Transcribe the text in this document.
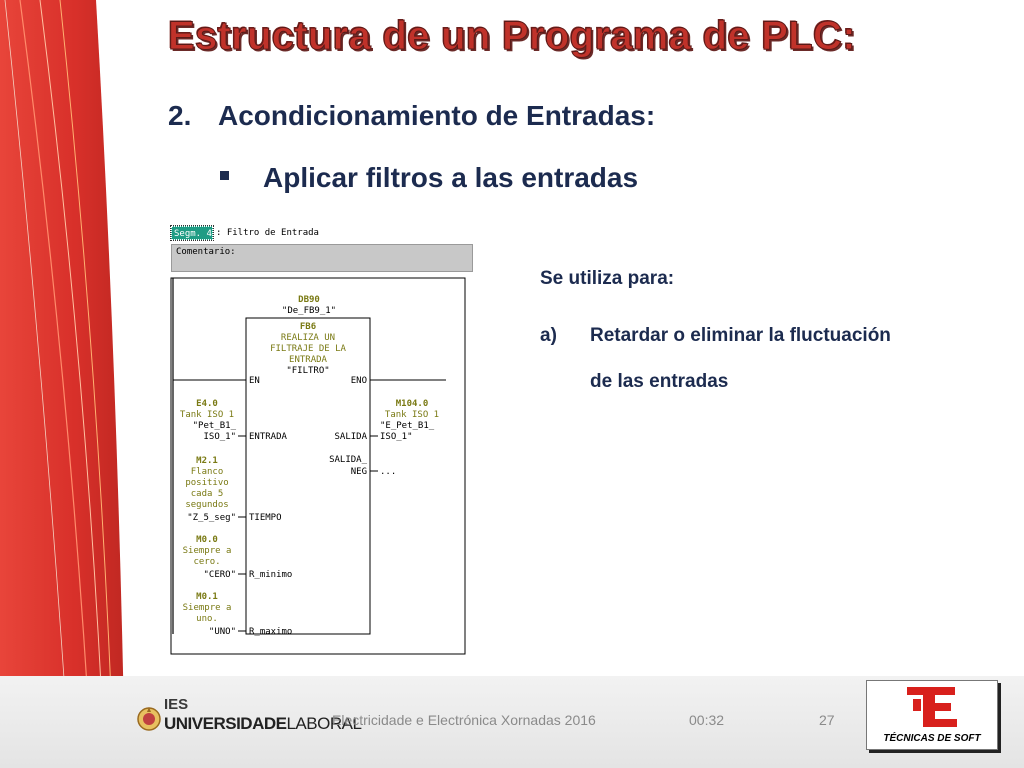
Estructura de un Programa de PLC:
2. Acondicionamiento de Entradas:
Aplicar filtros a las entradas
Segm. 4 : Filtro de Entrada
Comentario:
DB90
"De_FB9_1"
FB6
REALIZA UN
FILTRAJE DE LA
ENTRADA
"FILTRO"
EN	ENO
ENTRADA	SALIDA
SALIDA_
NEG ...
TIEMPO
R_minimo
R_maximo
E4.0
Tank ISO 1
"Pet_B1_
ISO_1"
M104.0
Tank ISO 1
"E_Pet_B1_
ISO_1"
M2.1
Flanco
positivo
cada 5
segundos
"Z_5_seg"
M0.0
Siempre a
cero.
"CERO"
M0.1
Siempre a
uno.
"UNO"
Se utiliza para:
a) Retardar o eliminar la fluctuación
de las entradas
IES
UNIVERSIDADELABORAL
Electricidade e Electrónica Xornadas 2016	00:32	27
TÉCNICAS DE SOFT
